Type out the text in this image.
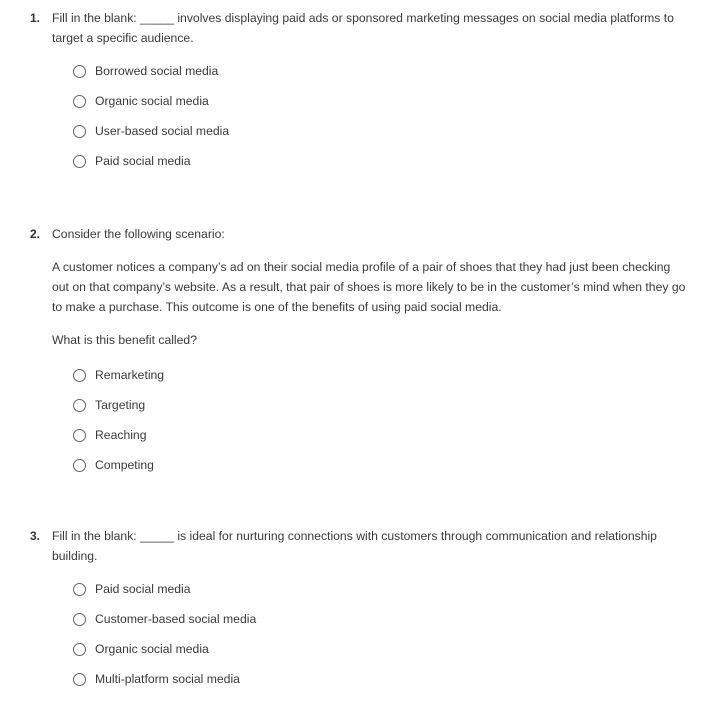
1. Fill in the blank: _____ involves displaying paid ads or sponsored marketing messages on social media platforms to target a specific audience.
Borrowed social media
Organic social media
User-based social media
Paid social media
2. Consider the following scenario:

A customer notices a company’s ad on their social media profile of a pair of shoes that they had just been checking out on that company’s website. As a result, that pair of shoes is more likely to be in the customer’s mind when they go to make a purchase. This outcome is one of the benefits of using paid social media.

What is this benefit called?

Remarketing
Targeting
Reaching
Competing
3. Fill in the blank: _____ is ideal for nurturing connections with customers through communication and relationship building.
Paid social media
Customer-based social media
Organic social media
Multi-platform social media
